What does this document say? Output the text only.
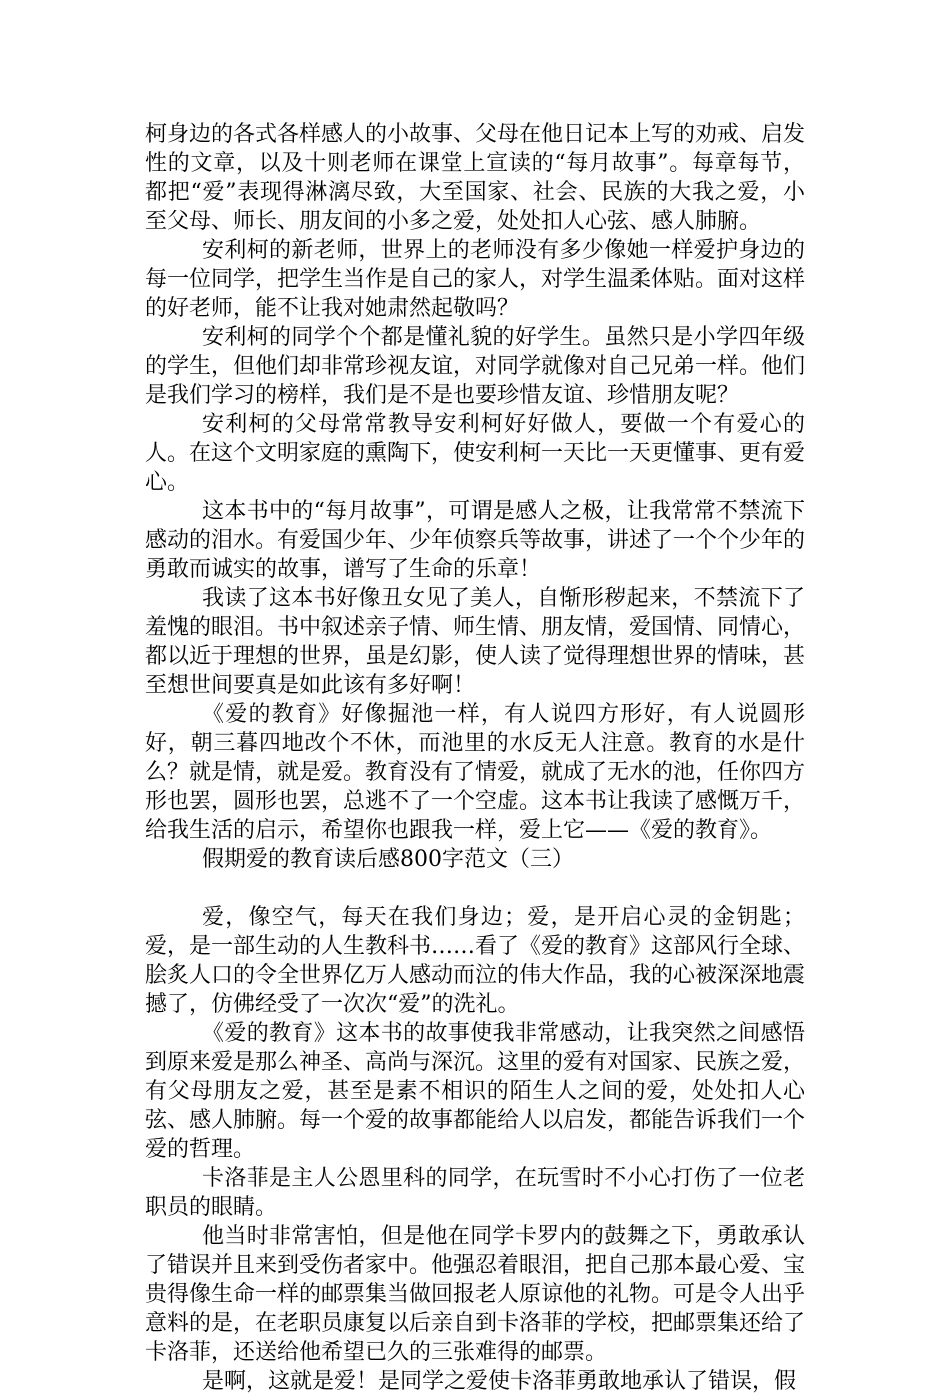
柯身边的各式各样感人的小故事、父母在他日记本上写的劝戒、启发性的文章，以及十则老师在课堂上宣读的“每月故事”。每章每节，都把“爱”表现得淋漓尽致，大至国家、社会、民族的大我之爱，小至父母、师长、朋友间的小多之爱，处处扣人心弦、感人肺腑。

安利柯的新老师，世界上的老师没有多少像她一样爱护身边的每一位同学，把学生当作是自己的家人，对学生温柔体贴。面对这样的好老师，能不让我对她肃然起敬吗？

安利柯的同学个个都是懂礼貌的好学生。虽然只是小学四年级的学生，但他们却非常珍视友谊，对同学就像对自己兄弟一样。他们是我们学习的榜样，我们是不是也要珍惜友谊、珍惜朋友呢？

安利柯的父母常常教导安利柯好好做人，要做一个有爱心的人。在这个文明家庭的熏陶下，使安利柯一天比一天更懂事、更有爱心。

这本书中的“每月故事”，可谓是感人之极，让我常常不禁流下感动的泪水。有爱国少年、少年侦察兵等故事，讲述了一个个少年的勇敢而诚实的故事，谱写了生命的乐章！

我读了这本书好像丑女见了美人，自惭形秽起来，不禁流下了羞愧的眼泪。书中叙述亲子情、师生情、朋友情，爱国情、同情心，都以近于理想的世界，虽是幻影，使人读了觉得理想世界的情味，甚至想世间要真是如此该有多好啊！

《爱的教育》好像掘池一样，有人说四方形好，有人说圆形好，朝三暮四地改个不休，而池里的水反无人注意。教育的水是什么？就是情，就是爱。教育没有了情爱，就成了无水的池，任你四方形也罢，圆形也罢，总逃不了一个空虚。这本书让我读了感慨万千，给我生活的启示，希望你也跟我一样，爱上它——《爱的教育》。

假期爱的教育读后感800字范文（三）

爱，像空气，每天在我们身边；爱，是开启心灵的金钥匙；爱，是一部生动的人生教科书……看了《爱的教育》这部风行全球、脍炙人口的令全世界亿万人感动而泣的伟大作品，我的心被深深地震撼了，仿佛经受了一次次“爱”的洗礼。

《爱的教育》这本书的故事使我非常感动，让我突然之间感悟到原来爱是那么神圣、高尚与深沉。这里的爱有对国家、民族之爱，有父母朋友之爱，甚至是素不相识的陌生人之间的爱，处处扣人心弦、感人肺腑。每一个爱的故事都能给人以启发，都能告诉我们一个爱的哲理。

卡洛菲是主人公恩里科的同学，在玩雪时不小心打伤了一位老职员的眼睛。

他当时非常害怕，但是他在同学卡罗内的鼓舞之下，勇敢承认了错误并且来到受伤者家中。他强忍着眼泪，把自己那本最心爱、宝贵得像生命一样的邮票集当做回报老人原谅他的礼物。可是令人出乎意料的是，在老职员康复以后亲自到卡洛菲的学校，把邮票集还给了卡洛菲，还送给他希望已久的三张难得的邮票。

是啊，这就是爱！是同学之爱使卡洛菲勇敢地承认了错误，假
